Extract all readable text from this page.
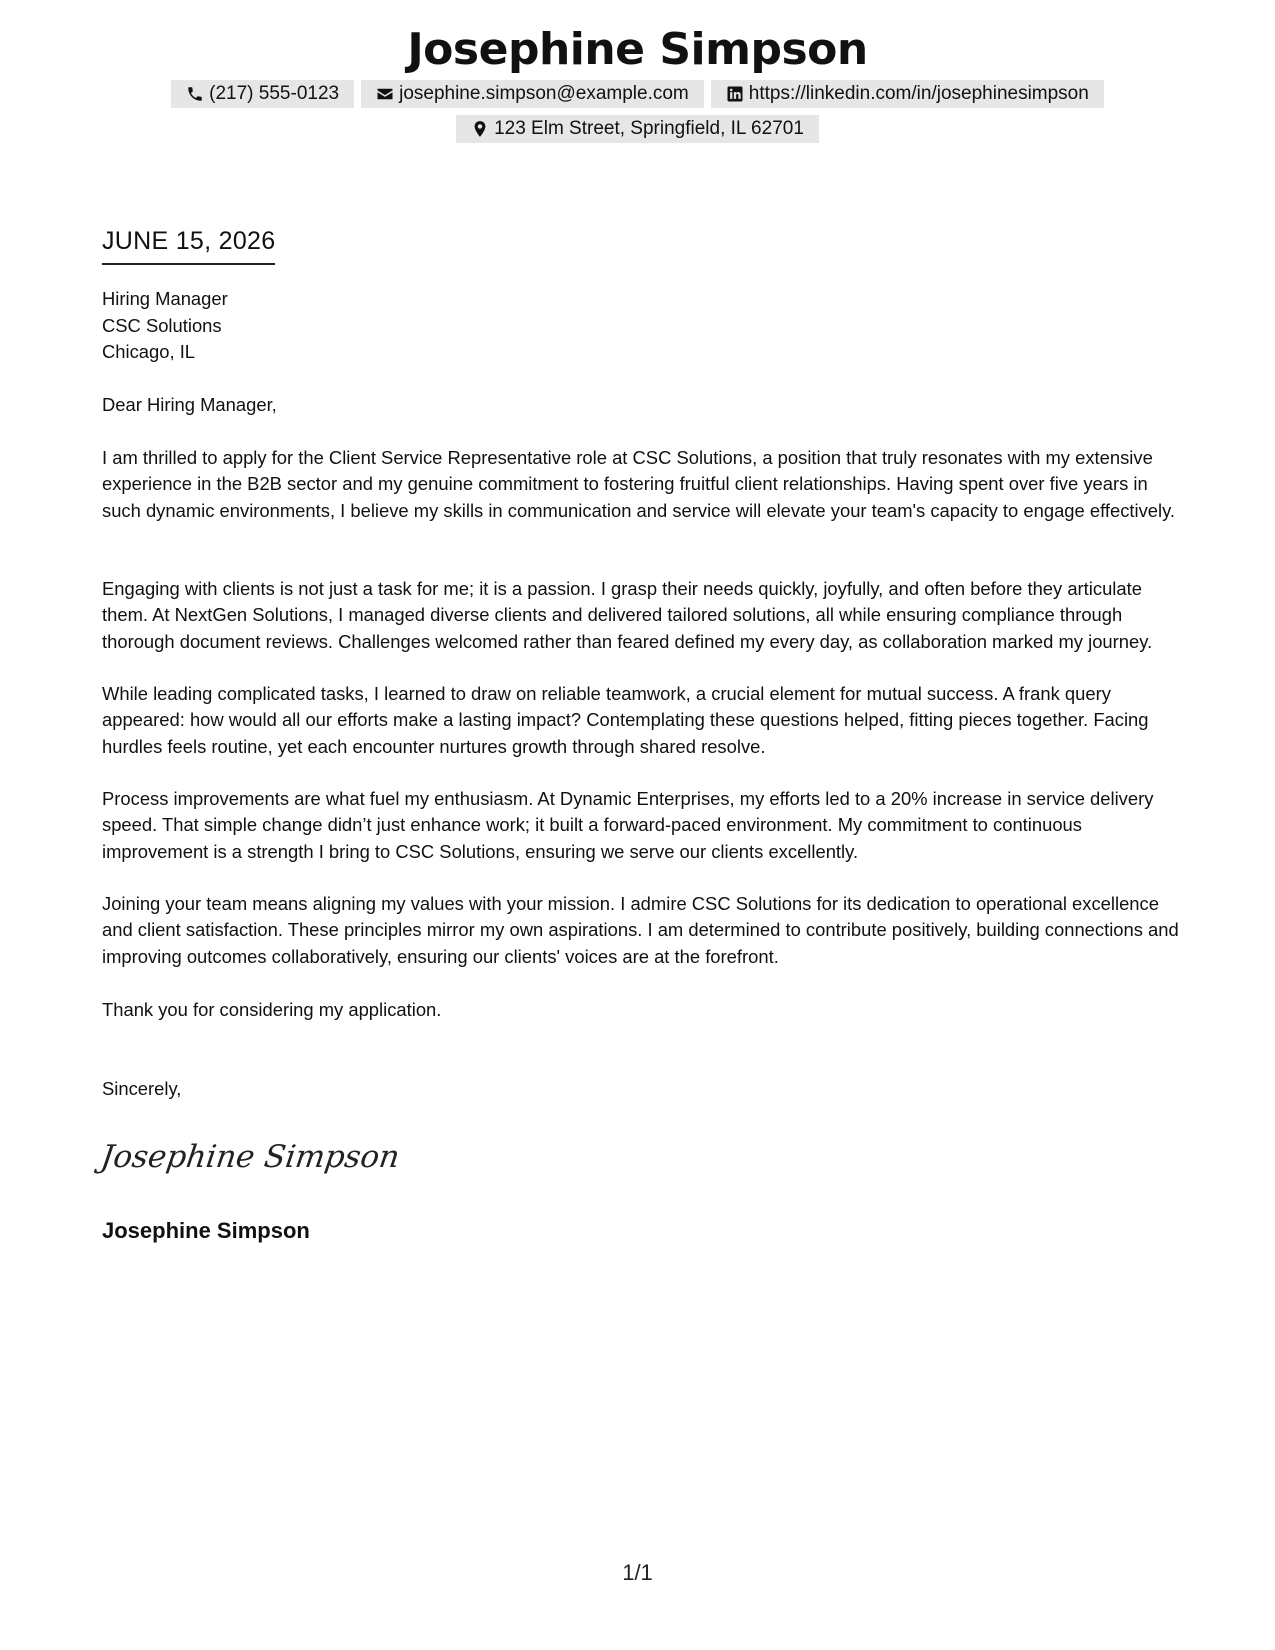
Josephine Simpson
(217) 555-0123	josephine.simpson@example.com	https://linkedin.com/in/josephinesimpson
123 Elm Street, Springfield, IL 62701
JUNE 15, 2026
Hiring Manager
CSC Solutions
Chicago, IL
Dear Hiring Manager,

I am thrilled to apply for the Client Service Representative role at CSC Solutions, a position that truly resonates with my extensive experience in the B2B sector and my genuine commitment to fostering fruitful client relationships. Having spent over five years in such dynamic environments, I believe my skills in communication and service will elevate your team's capacity to engage effectively.

Engaging with clients is not just a task for me; it is a passion. I grasp their needs quickly, joyfully, and often before they articulate them. At NextGen Solutions, I managed diverse clients and delivered tailored solutions, all while ensuring compliance through thorough document reviews. Challenges welcomed rather than feared defined my every day, as collaboration marked my journey.

While leading complicated tasks, I learned to draw on reliable teamwork, a crucial element for mutual success. A frank query appeared: how would all our efforts make a lasting impact? Contemplating these questions helped, fitting pieces together. Facing hurdles feels routine, yet each encounter nurtures growth through shared resolve.

Process improvements are what fuel my enthusiasm. At Dynamic Enterprises, my efforts led to a 20% increase in service delivery speed. That simple change didn’t just enhance work; it built a forward-paced environment. My commitment to continuous improvement is a strength I bring to CSC Solutions, ensuring we serve our clients excellently.

Joining your team means aligning my values with your mission. I admire CSC Solutions for its dedication to operational excellence and client satisfaction. These principles mirror my own aspirations. I am determined to contribute positively, building connections and improving outcomes collaboratively, ensuring our clients' voices are at the forefront.

Thank you for considering my application.

Sincerely,
Josephine Simpson
Josephine Simpson
1/1
